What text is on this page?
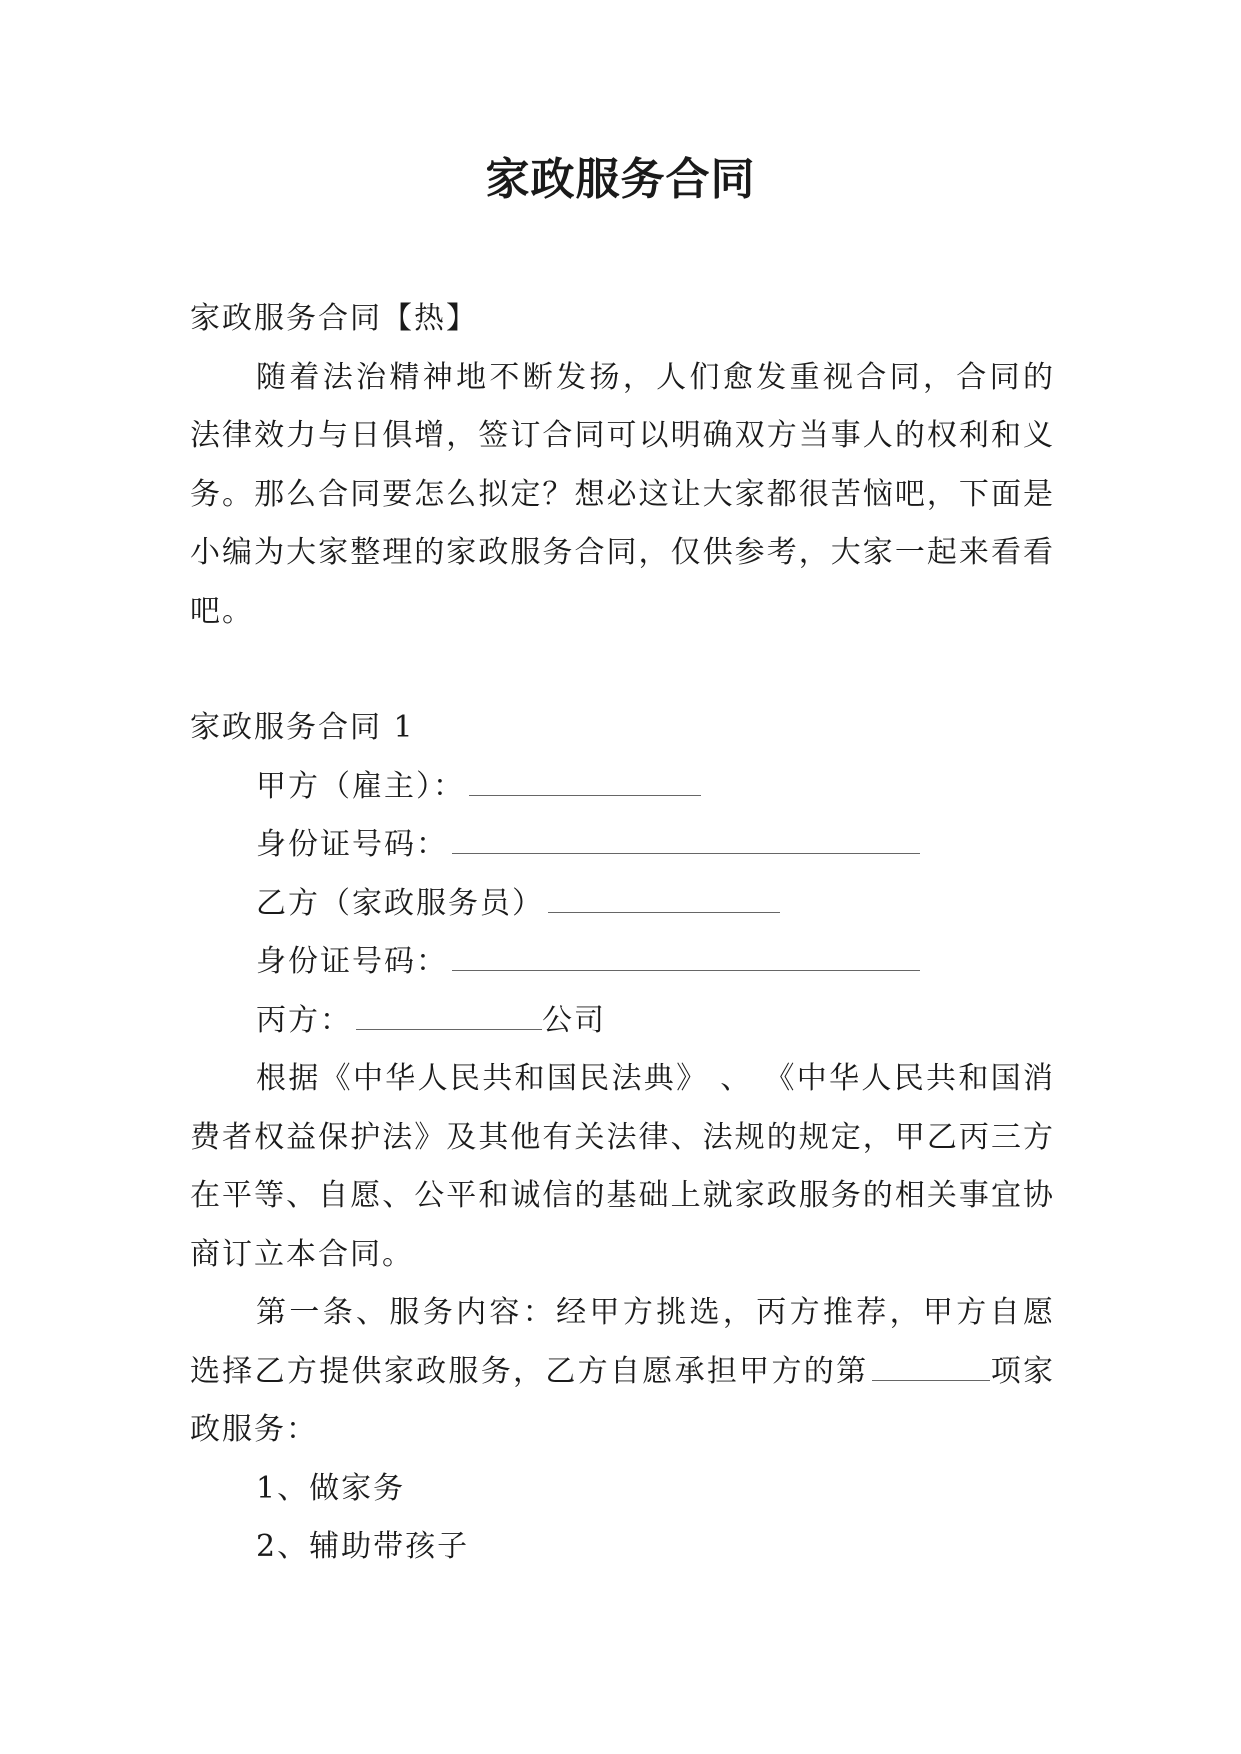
家政服务合同

家政服务合同【热】

随着法治精神地不断发扬，人们愈发重视合同，合同的法律效力与日俱增，签订合同可以明确双方当事人的权利和义务。那么合同要怎么拟定？想必这让大家都很苦恼吧，下面是小编为大家整理的家政服务合同，仅供参考，大家一起来看看吧。

家政服务合同 1

甲方（雇主）：

身份证号码：

乙方（家政服务员）

身份证号码：

丙方：	公司

根据《中华人民共和国民法典》 、 《中华人民共和国消费者权益保护法》及其他有关法律、法规的规定，甲乙丙三方在平等、自愿、公平和诚信的基础上就家政服务的相关事宜协商订立本合同。

第一条、服务内容：经甲方挑选，丙方推荐，甲方自愿选择乙方提供家政服务，乙方自愿承担甲方的第	项家政服务：

1、做家务

2、辅助带孩子
